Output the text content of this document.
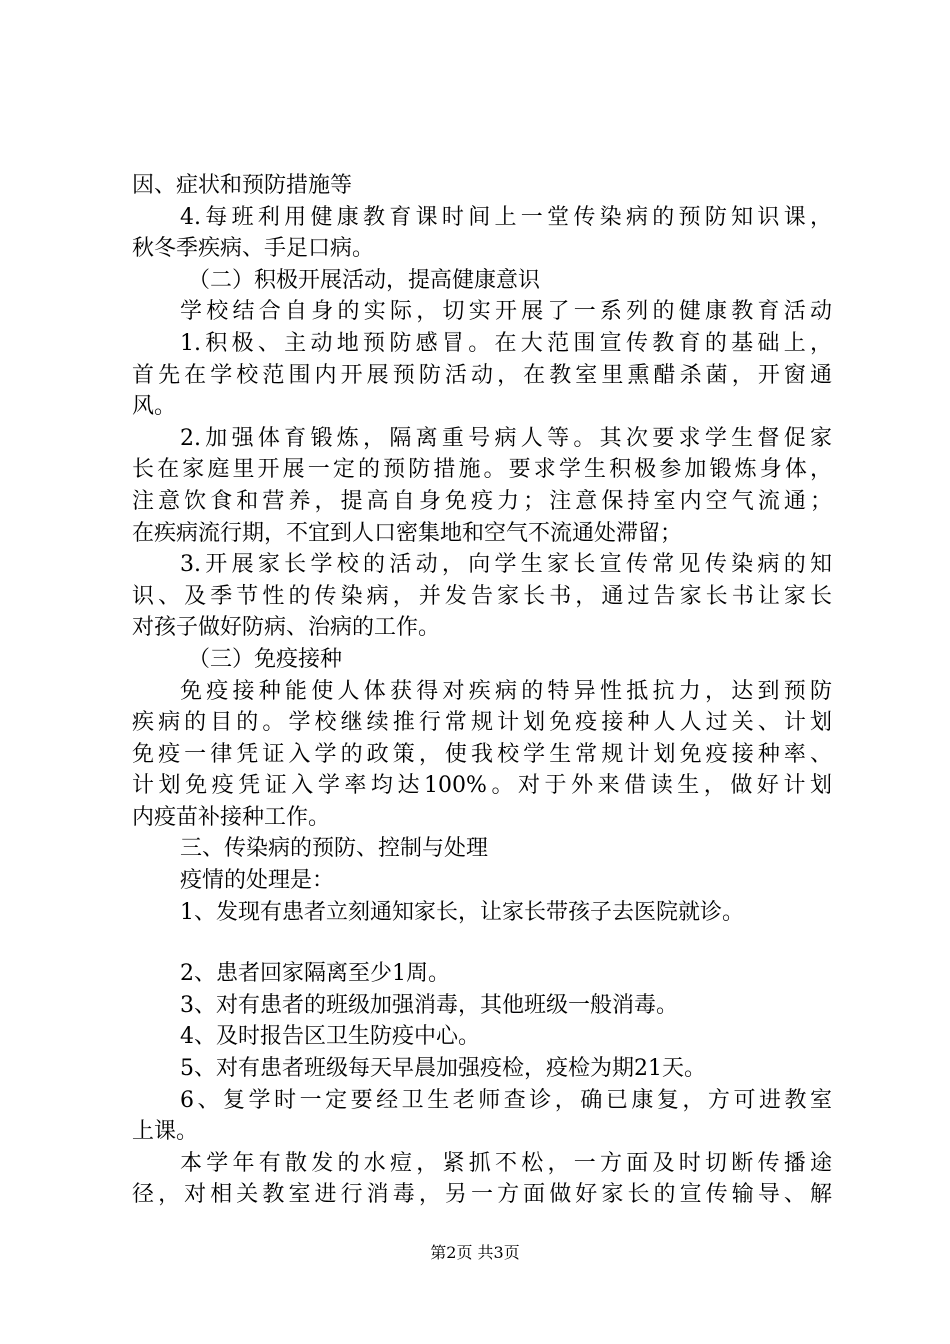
因、症状和预防措施等
4.每班利用健康教育课时间上一堂传染病的预防知识课，
秋冬季疾病、手足口病。
（二）积极开展活动，提高健康意识
学校结合自身的实际，切实开展了一系列的健康教育活动
1.积极、主动地预防感冒。在大范围宣传教育的基础上，
首先在学校范围内开展预防活动，在教室里熏醋杀菌，开窗通
风。
2.加强体育锻炼，隔离重号病人等。其次要求学生督促家
长在家庭里开展一定的预防措施。要求学生积极参加锻炼身体，
注意饮食和营养，提高自身免疫力；注意保持室内空气流通；
在疾病流行期，不宜到人口密集地和空气不流通处滞留；
3.开展家长学校的活动，向学生家长宣传常见传染病的知
识、及季节性的传染病，并发告家长书，通过告家长书让家长
对孩子做好防病、治病的工作。
（三）免疫接种
免疫接种能使人体获得对疾病的特异性抵抗力，达到预防
疾病的目的。学校继续推行常规计划免疫接种人人过关、计划
免疫一律凭证入学的政策，使我校学生常规计划免疫接种率、
计划免疫凭证入学率均达100%。对于外来借读生，做好计划
内疫苗补接种工作。
三、传染病的预防、控制与处理
疫情的处理是：
1、发现有患者立刻通知家长，让家长带孩子去医院就诊。
2、患者回家隔离至少1周。
3、对有患者的班级加强消毒，其他班级一般消毒。
4、及时报告区卫生防疫中心。
5、对有患者班级每天早晨加强疫检，疫检为期21天。
6、复学时一定要经卫生老师查诊，确已康复，方可进教室
上课。
本学年有散发的水痘，紧抓不松，一方面及时切断传播途
径，对相关教室进行消毒，另一方面做好家长的宣传输导、解
第2页 共3页
